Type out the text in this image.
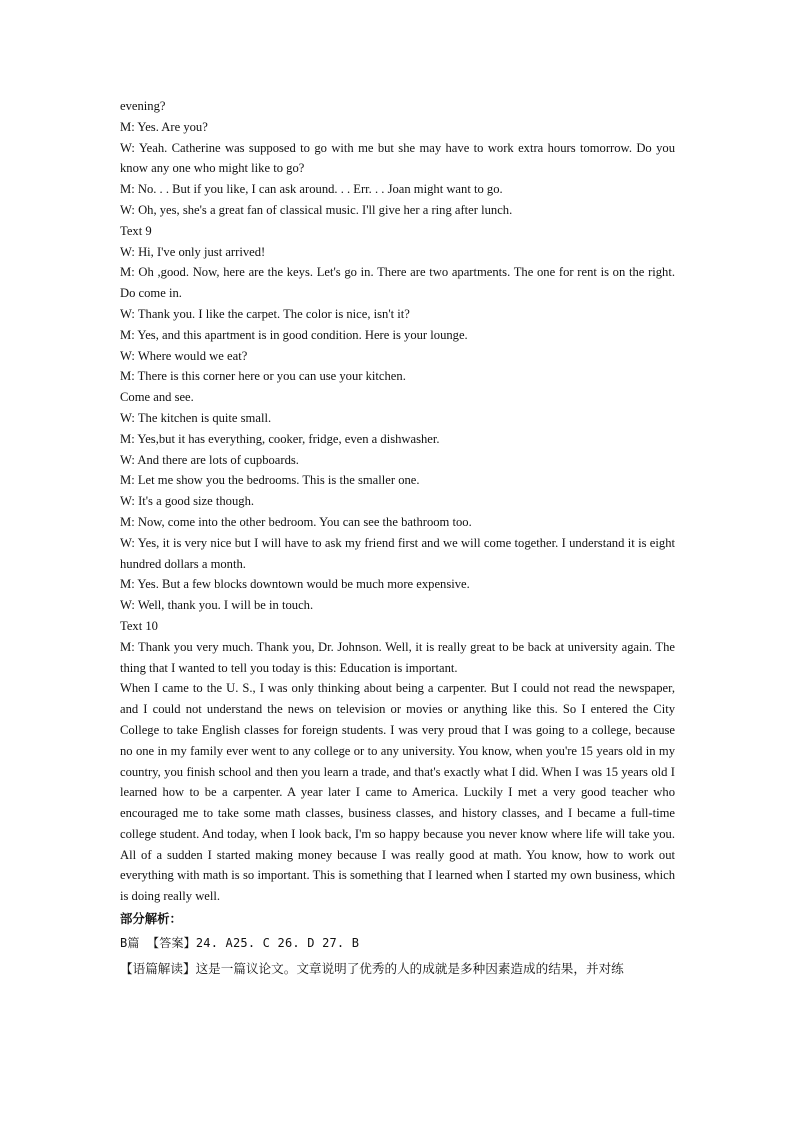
evening?

M: Yes. Are you?

W: Yeah. Catherine was supposed to go with me but she may have to work extra hours tomorrow. Do you know any one who might like to go?

M: No. . . But if you like, I can ask around. . . Err. . . Joan might want to go.

W: Oh, yes, she's a great fan of classical music. I'll give her a ring after lunch.

Text 9

W: Hi, I've only just arrived!

M: Oh ,good. Now, here are the keys. Let's go in. There are two apartments. The one for rent is on the right. Do come in.

W: Thank you. I like the carpet. The color is nice, isn't it?

M: Yes, and this apartment is in good condition. Here is your lounge.

W: Where would we eat?

M: There is this corner here or you can use your kitchen.

Come and see.

W: The kitchen is quite small.

M: Yes,but it has everything, cooker, fridge, even a dishwasher.

W: And there are lots of cupboards.

M: Let me show you the bedrooms. This is the smaller one.

W: It's a good size though.

M: Now, come into the other bedroom. You can see the bathroom too.

W: Yes, it is very nice but I will have to ask my friend first and we will come together. I understand it is eight hundred dollars a month.

M: Yes. But a few blocks downtown would be much more expensive.

W: Well, thank you. I will be in touch.

Text 10

M: Thank you very much. Thank you, Dr. Johnson. Well, it is really great to be back at university again. The thing that I wanted to tell you today is this: Education is important.

When I came to the U. S., I was only thinking about being a carpenter. But I could not read the newspaper, and I could not understand the news on television or movies or anything like this. So I entered the City College to take English classes for foreign students. I was very proud that I was going to a college, because no one in my family ever went to any college or to any university. You know, when you're 15 years old in my country, you finish school and then you learn a trade, and that's exactly what I did. When I was 15 years old I learned how to be a carpenter. A year later I came to America. Luckily I met a very good teacher who encouraged me to take some math classes, business classes, and history classes, and I became a full-time college student. And today, when I look back, I'm so happy because you never know where life will take you. All of a sudden I started making money because I was really good at math. You know, how to work out everything with math is so important. This is something that I learned when I started my own business, which is doing really well.

部分解析：
B篇 【答案】24. A25. C 26. D 27. B
【语篇解读】这是一篇议论文。文章说明了优秀的人的成就是多种因素造成的结果，并对练
